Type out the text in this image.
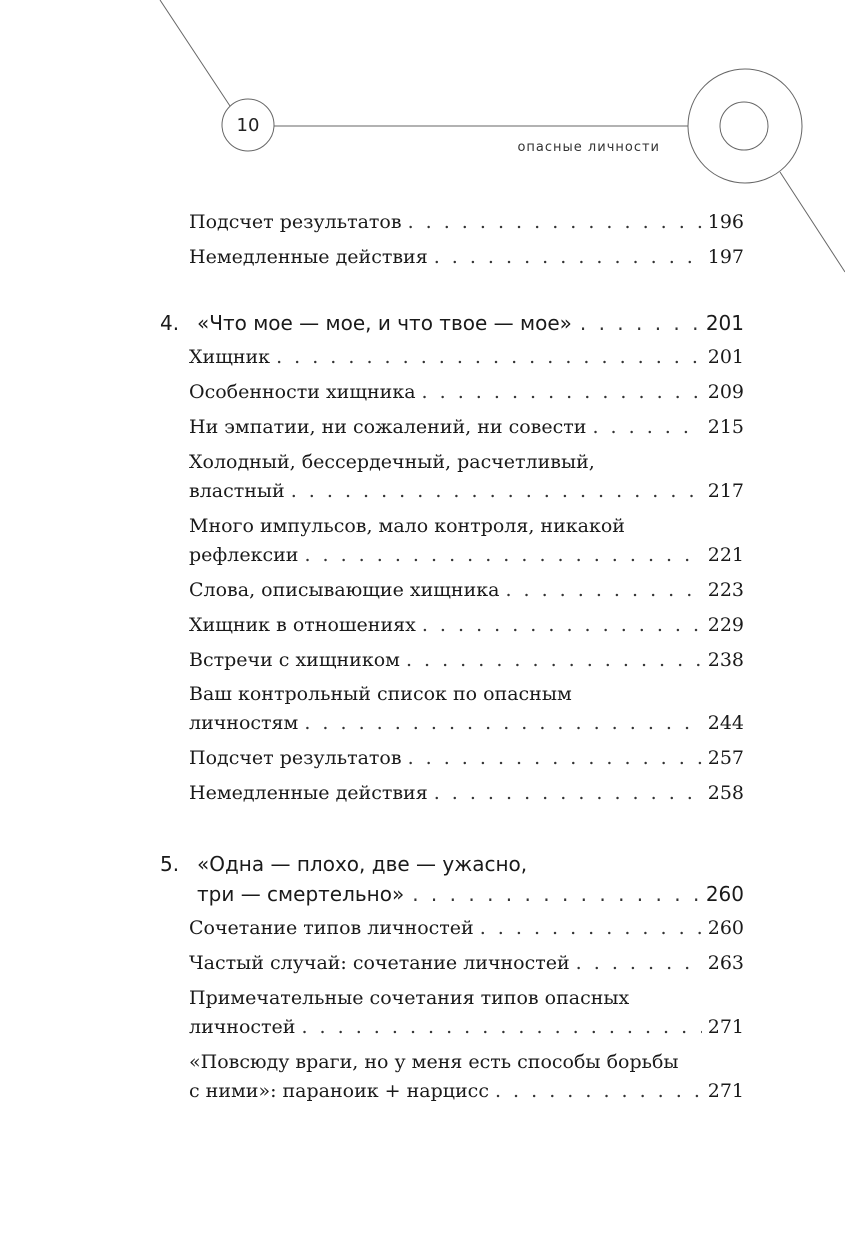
10
опасные личности
Подсчет результатов . . .	196
Немедленные действия . . .	197
4. «Что мое — мое, и что твое — мое» . . .	201
Хищник . . .	201
Особенности хищника . . .	209
Ни эмпатии, ни сожалений, ни совести . . .	215
Холодный, бессердечный, расчетливый,
властный . . .	217
Много импульсов, мало контроля, никакой
рефлексии . . .	221
Слова, описывающие хищника . . .	223
Хищник в отношениях . . .	229
Встречи с хищником . . .	238
Ваш контрольный список по опасным
личностям . . .	244
Подсчет результатов . . .	257
Немедленные действия . . .	258
5. «Одна — плохо, две — ужасно,
три — смертельно» . . .	260
Сочетание типов личностей . . .	260
Частый случай: сочетание личностей . . .	263
Примечательные сочетания типов опасных
личностей . . .	271
«Повсюду враги, но у меня есть способы борьбы
с ними»: параноик + нарцисс . . .	271
